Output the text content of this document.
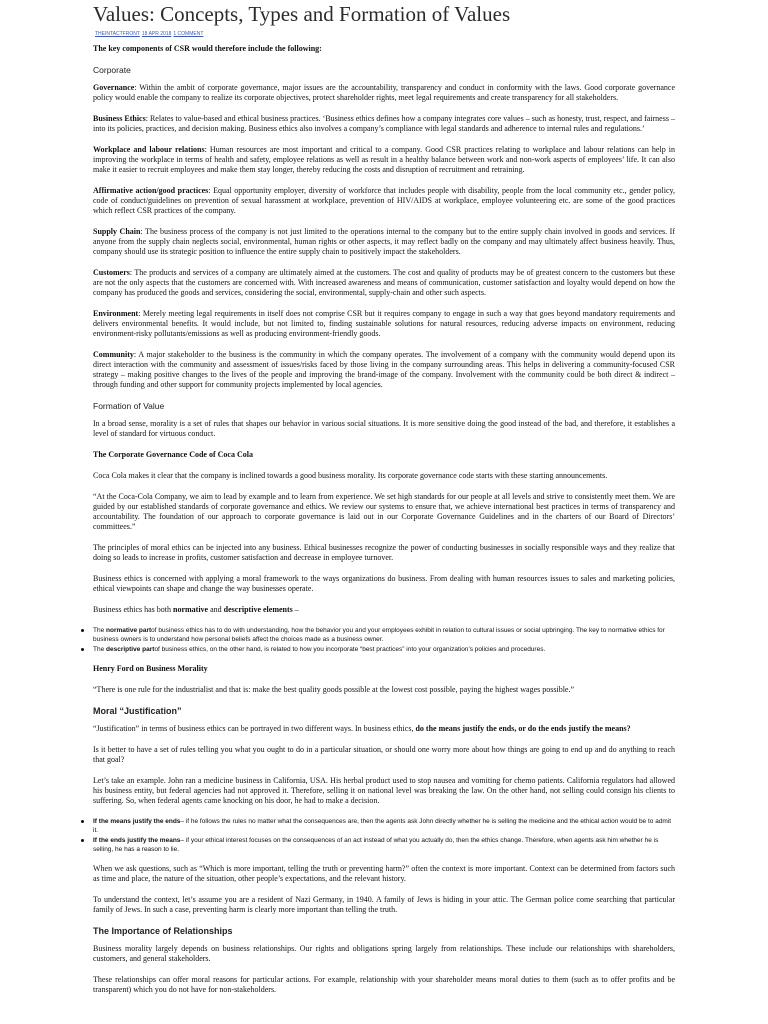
Values: Concepts, Types and Formation of Values
THEINTACTFRONT 18 APR 2018 1 COMMENT

The key components of CSR would therefore include the following:

Corporate

Governance: Within the ambit of corporate governance, major issues are the accountability, transparency and conduct in conformity with the laws. Good corporate governance policy would enable the company to realize its corporate objectives, protect shareholder rights, meet legal requirements and create transparency for all stakeholders.

Business Ethics: Relates to value-based and ethical business practices. ‘Business ethics defines how a company integrates core values – such as honesty, trust, respect, and fairness – into its policies, practices, and decision making. Business ethics also involves a company’s compliance with legal standards and adherence to internal rules and regulations.’

Workplace and labour relations: Human resources are most important and critical to a company. Good CSR practices relating to workplace and labour relations can help in improving the workplace in terms of health and safety, employee relations as well as result in a healthy balance between work and non-work aspects of employees’ life. It can also make it easier to recruit employees and make them stay longer, thereby reducing the costs and disruption of recruitment and retraining.

Affirmative action/good practices: Equal opportunity employer, diversity of workforce that includes people with disability, people from the local community etc., gender policy, code of conduct/guidelines on prevention of sexual harassment at workplace, prevention of HIV/AIDS at workplace, employee volunteering etc. are some of the good practices which reflect CSR practices of the company.

Supply Chain: The business process of the company is not just limited to the operations internal to the company but to the entire supply chain involved in goods and services. If anyone from the supply chain neglects social, environmental, human rights or other aspects, it may reflect badly on the company and may ultimately affect business heavily. Thus, company should use its strategic position to influence the entire supply chain to positively impact the stakeholders.

Customers: The products and services of a company are ultimately aimed at the customers. The cost and quality of products may be of greatest concern to the customers but these are not the only aspects that the customers are concerned with. With increased awareness and means of communication, customer satisfaction and loyalty would depend on how the company has produced the goods and services, considering the social, environmental, supply-chain and other such aspects.

Environment: Merely meeting legal requirements in itself does not comprise CSR but it requires company to engage in such a way that goes beyond mandatory requirements and delivers environmental benefits. It would include, but not limited to, finding sustainable solutions for natural resources, reducing adverse impacts on environment, reducing environment-risky pollutants/emissions as well as producing environment-friendly goods.

Community: A major stakeholder to the business is the community in which the company operates. The involvement of a company with the community would depend upon its direct interaction with the community and assessment of issues/risks faced by those living in the company surrounding areas. This helps in delivering a community-focused CSR strategy – making positive changes to the lives of the people and improving the brand-image of the company. Involvement with the community could be both direct & indirect – through funding and other support for community projects implemented by local agencies.

Formation of Value

In a broad sense, morality is a set of rules that shapes our behavior in various social situations. It is more sensitive doing the good instead of the bad, and therefore, it establishes a level of standard for virtuous conduct.

The Corporate Governance Code of Coca Cola

Coca Cola makes it clear that the company is inclined towards a good business morality. Its corporate governance code starts with these starting announcements.

“At the Coca-Cola Company, we aim to lead by example and to learn from experience. We set high standards for our people at all levels and strive to consistently meet them. We are guided by our established standards of corporate governance and ethics. We review our systems to ensure that, we achieve international best practices in terms of transparency and accountability. The foundation of our approach to corporate governance is laid out in our Corporate Governance Guidelines and in the charters of our Board of Directors’ committees.”

The principles of moral ethics can be injected into any business. Ethical businesses recognize the power of conducting businesses in socially responsible ways and they realize that doing so leads to increase in profits, customer satisfaction and decrease in employee turnover.

Business ethics is concerned with applying a moral framework to the ways organizations do business. From dealing with human resources issues to sales and marketing policies, ethical viewpoints can shape and change the way businesses operate.

Business ethics has both normative and descriptive elements –

The normative partof business ethics has to do with understanding, how the behavior you and your employees exhibit in relation to cultural issues or social upbringing. The key to normative ethics for business owners is to understand how personal beliefs affect the choices made as a business owner.
The descriptive partof business ethics, on the other hand, is related to how you incorporate “best practices” into your organization’s policies and procedures.

Henry Ford on Business Morality

“There is one rule for the industrialist and that is: make the best quality goods possible at the lowest cost possible, paying the highest wages possible.”

Moral “Justification”

“Justification” in terms of business ethics can be portrayed in two different ways. In business ethics, do the means justify the ends, or do the ends justify the means?

Is it better to have a set of rules telling you what you ought to do in a particular situation, or should one worry more about how things are going to end up and do anything to reach that goal?

Let’s take an example. John ran a medicine business in California, USA. His herbal product used to stop nausea and vomiting for chemo patients. California regulators had allowed his business entity, but federal agencies had not approved it. Therefore, selling it on national level was breaking the law. On the other hand, not selling could consign his clients to suffering. So, when federal agents came knocking on his door, he had to make a decision.

If the means justify the ends– if he follows the rules no matter what the consequences are, then the agents ask John directly whether he is selling the medicine and the ethical action would be to admit it.
If the ends justify the means– if your ethical interest focuses on the consequences of an act instead of what you actually do, then the ethics change. Therefore, when agents ask him whether he is selling, he has a reason to lie.

When we ask questions, such as “Which is more important, telling the truth or preventing harm?” often the context is more important. Context can be determined from factors such as time and place, the nature of the situation, other people’s expectations, and the relevant history.

To understand the context, let’s assume you are a resident of Nazi Germany, in 1940. A family of Jews is hiding in your attic. The German police come searching that particular family of Jews. In such a case, preventing harm is clearly more important than telling the truth.

The Importance of Relationships

Business morality largely depends on business relationships. Our rights and obligations spring largely from relationships. These include our relationships with shareholders, customers, and general stakeholders.

These relationships can offer moral reasons for particular actions. For example, relationship with your shareholder means moral duties to them (such as to offer profits and be transparent) which you do not have for non-stakeholders.
